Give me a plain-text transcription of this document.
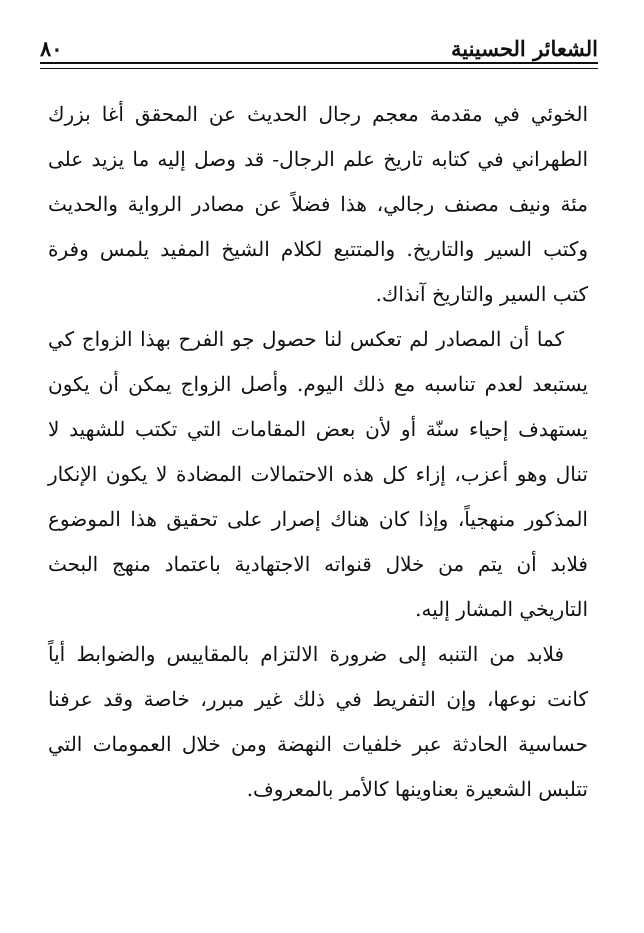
الشعائر الحسينية
٨٠

الخوئي في مقدمة معجم رجال الحديث عن المحقق أغا بزرك الطهراني في كتابه تاريخ علم الرجال- قد وصل إليه ما يزيد على مئة ونيف مصنف رجالي، هذا فضلاً عن مصادر الرواية والحديث وكتب السير والتاريخ. والمتتبع لكلام الشيخ المفيد يلمس وفرة كتب السير والتاريخ آنذاك.

كما أن المصادر لم تعكس لنا حصول جو الفرح بهذا الزواج كي يستبعد لعدم تناسبه مع ذلك اليوم. وأصل الزواج يمكن أن يكون يستهدف إحياء سنّة أو لأن بعض المقامات التي تكتب للشهيد لا تنال وهو أعزب، إزاء كل هذه الاحتمالات المضادة لا يكون الإنكار المذكور منهجياً، وإذا كان هناك إصرار على تحقيق هذا الموضوع فلابد أن يتم من خلال قنواته الاجتهادية باعتماد منهج البحث التاريخي المشار إليه.

فلابد من التنبه إلى ضرورة الالتزام بالمقاييس والضوابط أياً كانت نوعها، وإن التفريط في ذلك غير مبرر، خاصة وقد عرفنا حساسية الحادثة عبر خلفيات النهضة ومن خلال العمومات التي تتلبس الشعيرة بعناوينها كالأمر بالمعروف.
